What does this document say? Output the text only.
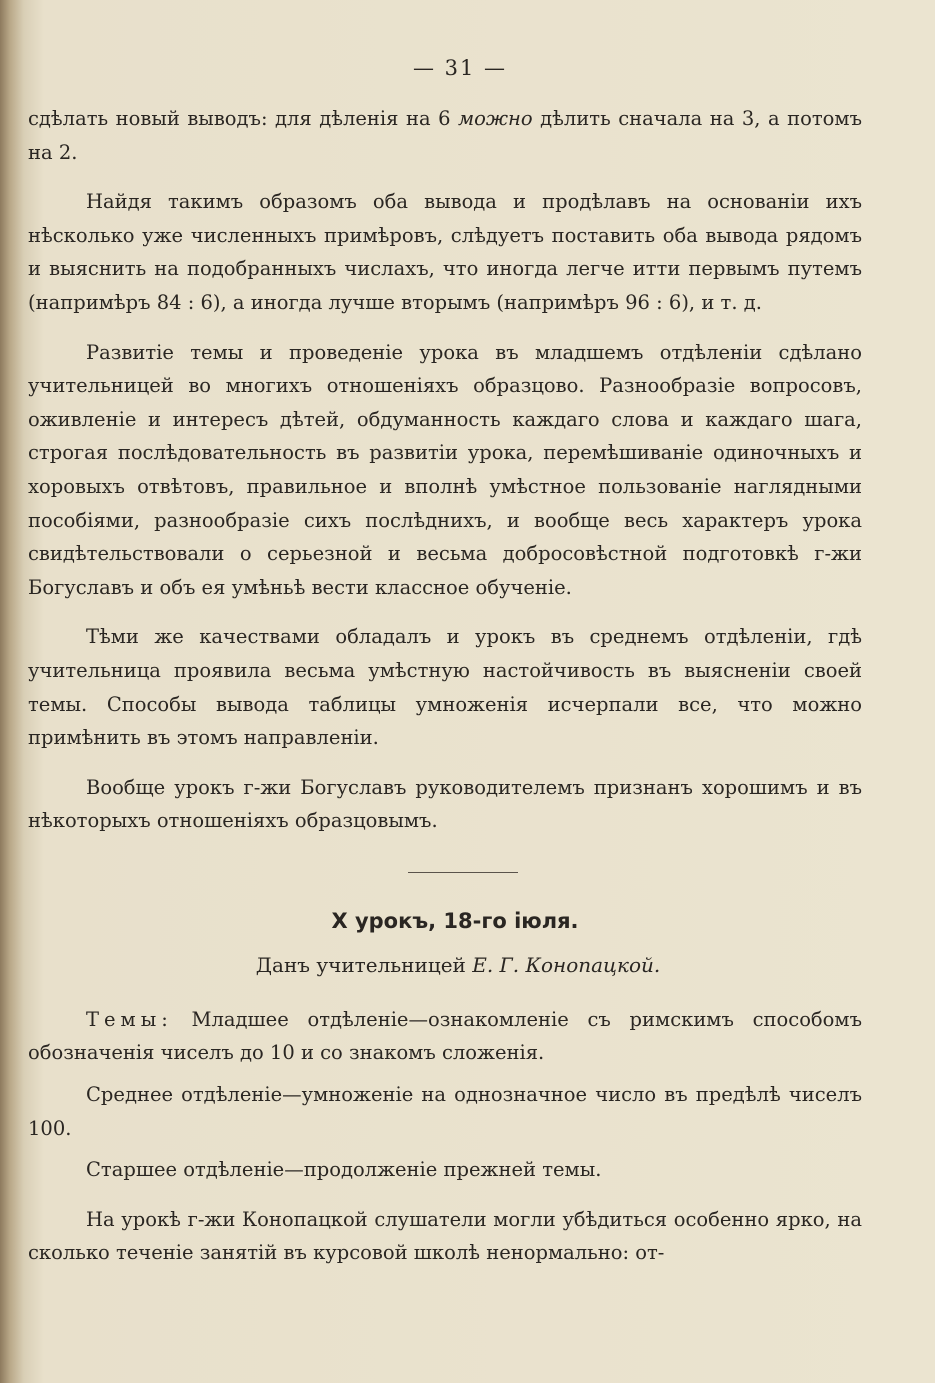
— 31 —

сдѣлать новый выводъ: для дѣленія на 6 можно дѣлить сначала на 3, а потомъ на 2.

Найдя такимъ образомъ оба вывода и продѣлавъ на основаніи ихъ нѣсколько уже численныхъ примѣровъ, слѣдуетъ поставить оба вывода рядомъ и выяснить на подобранныхъ числахъ, что иногда легче итти первымъ путемъ (напримѣръ 84 : 6), а иногда лучше вторымъ (напримѣръ 96 : 6), и т. д.

Развитіе темы и проведеніе урока въ младшемъ отдѣленіи сдѣлано учительницей во многихъ отношеніяхъ образцово. Разнообразіе вопросовъ, оживленіе и интересъ дѣтей, обдуманность каждаго слова и каждаго шага, строгая послѣдовательность въ развитіи урока, перемѣшиваніе одиночныхъ и хоровыхъ отвѣтовъ, правильное и вполнѣ умѣстное пользованіе наглядными пособіями, разнообразіе сихъ послѣднихъ, и вообще весь характеръ урока свидѣтельствовали о серьезной и весьма добросовѣстной подготовкѣ г-жи Богуславъ и объ ея умѣньѣ вести классное обученіе.

Тѣми же качествами обладалъ и урокъ въ среднемъ отдѣленіи, гдѣ учительница проявила весьма умѣстную настойчивость въ выясненіи своей темы. Способы вывода таблицы умноженія исчерпали все, что можно примѣнить въ этомъ направленіи.

Вообще урокъ г-жи Богуславъ руководителемъ признанъ хорошимъ и въ нѣкоторыхъ отношеніяхъ образцовымъ.

X урокъ, 18-го іюля.
Данъ учительницей Е. Г. Конопацкой.

Темы: Младшее отдѣленіе—ознакомленіе съ римскимъ способомъ обозначенія чиселъ до 10 и со знакомъ сложенія.

Среднее отдѣленіе—умноженіе на однозначное число въ предѣлѣ чиселъ 100.

Старшее отдѣленіе—продолженіе прежней темы.

На урокѣ г-жи Конопацкой слушатели могли убѣдиться особенно ярко, на сколько теченіе занятій въ курсовой школѣ ненормально: от-
